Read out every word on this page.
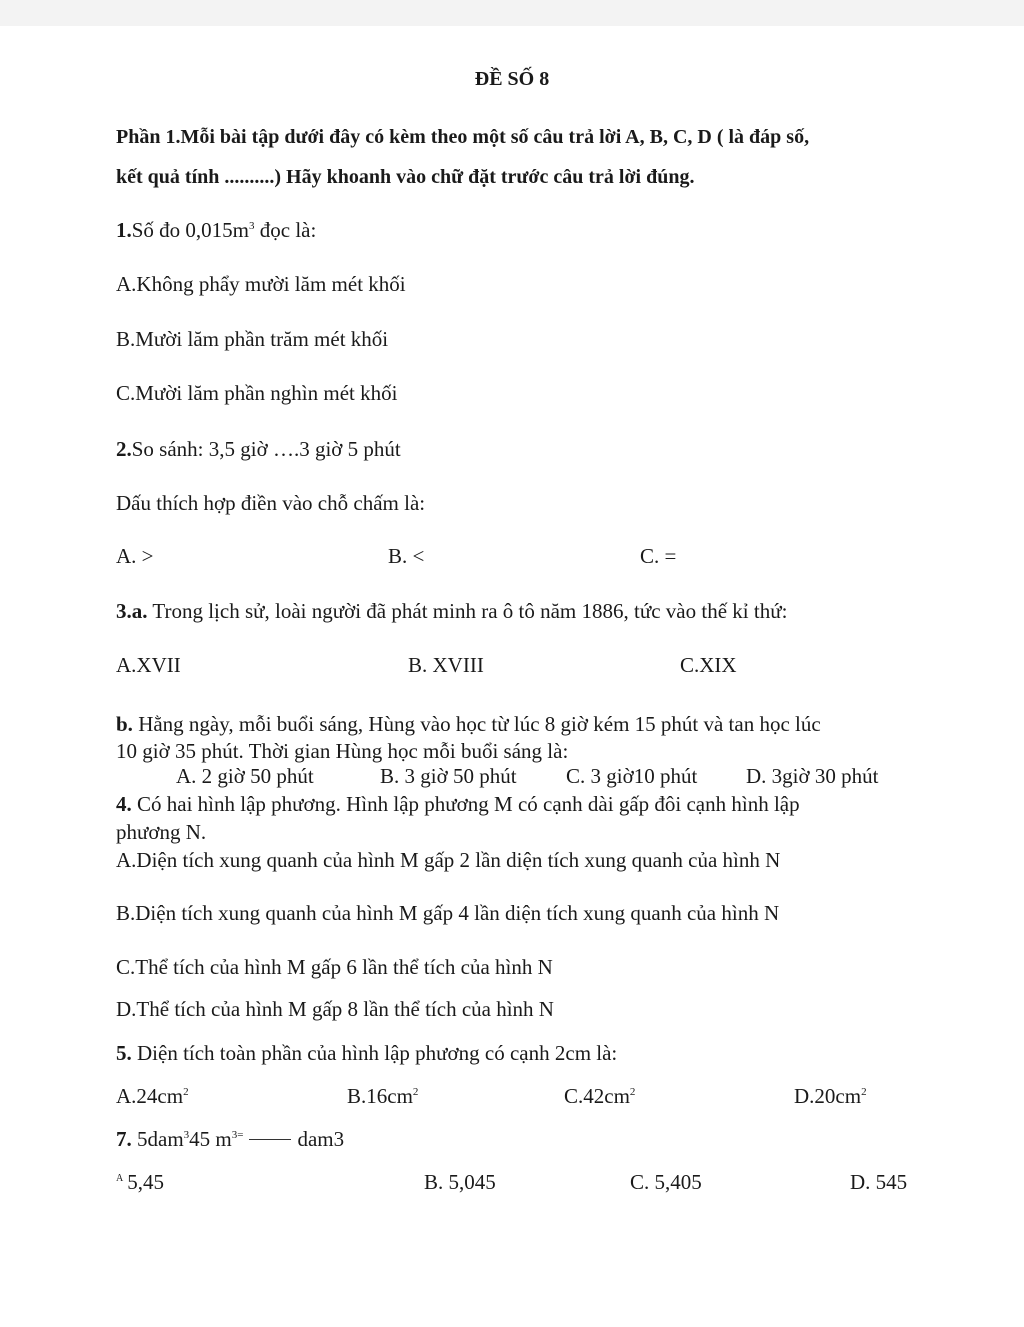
ĐỀ SỐ 8
Phần 1.Mỗi bài tập dưới đây có kèm theo một số câu trả lời A, B, C, D ( là đáp số,
kết quả tính ..........) Hãy khoanh vào chữ đặt trước câu trả lời đúng.
1.Số đo $0,015m^3$ đọc là:
A.Không phẩy mười lăm mét khối
B.Mười lăm phần trăm mét khối
C.Mười lăm phần nghìn mét khối
2.So sánh: 3,5 giờ ….3 giờ 5 phút
Dấu thích hợp điền vào chỗ chấm là:
A. >	B. <	C. =
3.a. Trong lịch sử, loài người đã phát minh ra ô tô năm 1886, tức vào thế kỉ thứ:
A.XVII	B. XVIII	C.XIX
b. Hằng ngày, mỗi buổi sáng, Hùng vào học từ lúc 8 giờ kém 15 phút và tan học lúc
10 giờ 35 phút. Thời gian Hùng học mỗi buổi sáng là:
A. 2 giờ 50 phút	B. 3 giờ 50 phút C. 3 giờ10 phút D. 3giờ 30 phút
4. Có hai hình lập phương. Hình lập phương M có cạnh dài gấp đôi cạnh hình lập
phương N.
A.Diện tích xung quanh của hình M gấp 2 lần diện tích xung quanh của hình N
B.Diện tích xung quanh của hình M gấp 4 lần diện tích xung quanh của hình N
C.Thể tích của hình M gấp 6 lần thể tích của hình N
D.Thể tích của hình M gấp 8 lần thể tích của hình N
5. Diện tích toàn phần của hình lập phương có cạnh 2cm là:
$A.24cm^2$	$B.16cm^2$	$C.42cm^2$	$D.20cm^2$
7. 5dam$^3$45 $m^{3=}$	dam3
$^A$ 5,45	B. 5,045	C. 5,405	D. 545
